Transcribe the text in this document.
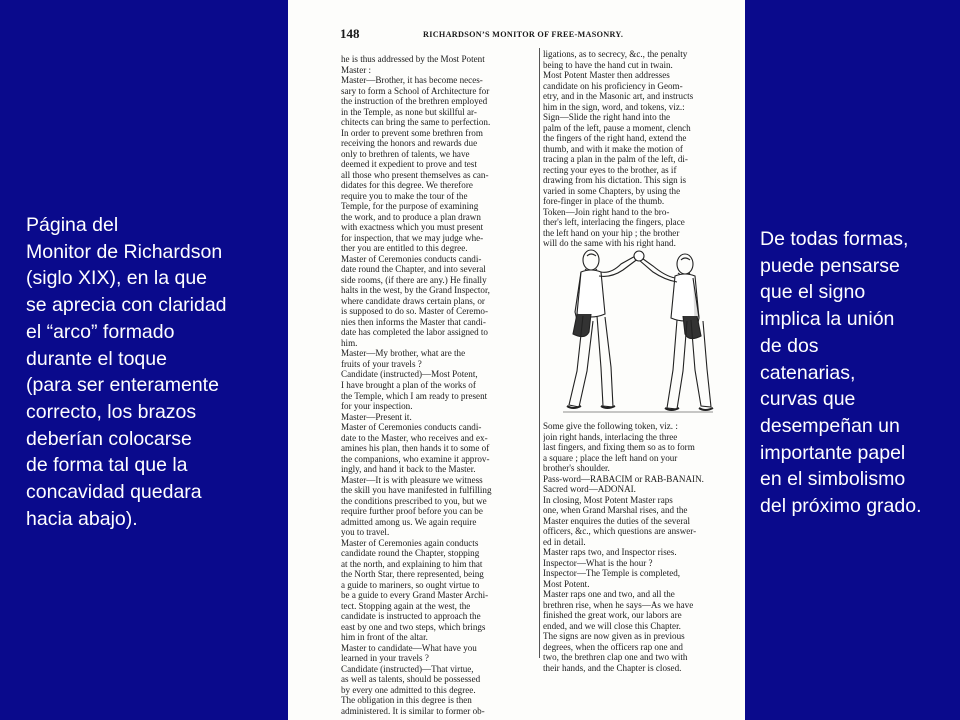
Página del
Monitor de Richardson
(siglo XIX), en la que
se aprecia con claridad
el “arco” formado
durante el toque
(para ser enteramente
correcto, los brazos
deberían colocarse
de forma tal que la
concavidad quedara
hacia abajo).
148	RICHARDSON’S MONITOR OF FREE-MASONRY.
he is thus addressed by the Most Potent
Master :
Master—Brother, it has become neces-
sary to form a School of Architecture for
the instruction of the brethren employed
in the Temple, as none but skillful ar-
chitects can bring the same to perfection.
In order to prevent some brethren from
receiving the honors and rewards due
only to brethren of talents, we have
deemed it expedient to prove and test
all those who present themselves as can-
didates for this degree. We therefore
require you to make the tour of the
Temple, for the purpose of examining
the work, and to produce a plan drawn
with exactness which you must present
for inspection, that we may judge whe-
ther you are entitled to this degree.
Master of Ceremonies conducts candi-
date round the Chapter, and into several
side rooms, (if there are any.) He finally
halts in the west, by the Grand Inspector,
where candidate draws certain plans, or
is supposed to do so. Master of Ceremo-
nies then informs the Master that candi-
date has completed the labor assigned to
him.
Master—My brother, what are the
fruits of your travels ?
Candidate (instructed)—Most Potent,
I have brought a plan of the works of
the Temple, which I am ready to present
for your inspection.
Master—Present it.
Master of Ceremonies conducts candi-
date to the Master, who receives and ex-
amines his plan, then hands it to some of
the companions, who examine it approv-
ingly, and hand it back to the Master.
Master—It is with pleasure we witness
the skill you have manifested in fulfilling
the conditions prescribed to you, but we
require further proof before you can be
admitted among us. We again require
you to travel.
Master of Ceremonies again conducts
candidate round the Chapter, stopping
at the north, and explaining to him that
the North Star, there represented, being
a guide to mariners, so ought virtue to
be a guide to every Grand Master Archi-
tect. Stopping again at the west, the
candidate is instructed to approach the
east by one and two steps, which brings
him in front of the altar.
Master to candidate—What have you
learned in your travels ?
Candidate (instructed)—That virtue,
as well as talents, should be possessed
by every one admitted to this degree.
The obligation in this degree is then
administered. It is similar to former ob-
ligations, as to secrecy, &c., the penalty
being to have the hand cut in twain.
Most Potent Master then addresses
candidate on his proficiency in Geom-
etry, and in the Masonic art, and instructs
him in the sign, word, and tokens, viz.:
Sign—Slide the right hand into the
palm of the left, pause a moment, clench
the fingers of the right hand, extend the
thumb, and with it make the motion of
tracing a plan in the palm of the left, di-
recting your eyes to the brother, as if
drawing from his dictation. This sign is
varied in some Chapters, by using the
fore-finger in place of the thumb.
Token—Join right hand to the bro-
ther's left, interlacing the fingers, place
the left hand on your hip ; the brother
will do the same with his right hand.
Some give the following token, viz. :
join right hands, interlacing the three
last fingers, and fixing them so as to form
a square ; place the left hand on your
brother's shoulder.
Pass-word—RABACIM or RAB-BANAIN.
Sacred word—ADONAI.
In closing, Most Potent Master raps
one, when Grand Marshal rises, and the
Master enquires the duties of the several
officers, &c., which questions are answer-
ed in detail.
Master raps two, and Inspector rises.
Inspector—What is the hour ?
Inspector—The Temple is completed,
Most Potent.
Master raps one and two, and all the
brethren rise, when he says—As we have
finished the great work, our labors are
ended, and we will close this Chapter.
The signs are now given as in previous
degrees, when the officers rap one and
two, the brethren clap one and two with
their hands, and the Chapter is closed.
De todas formas,
puede pensarse
que el signo
implica la unión
de dos
catenarias,
curvas que
desempeñan un
importante papel
en el simbolismo
del próximo grado.
